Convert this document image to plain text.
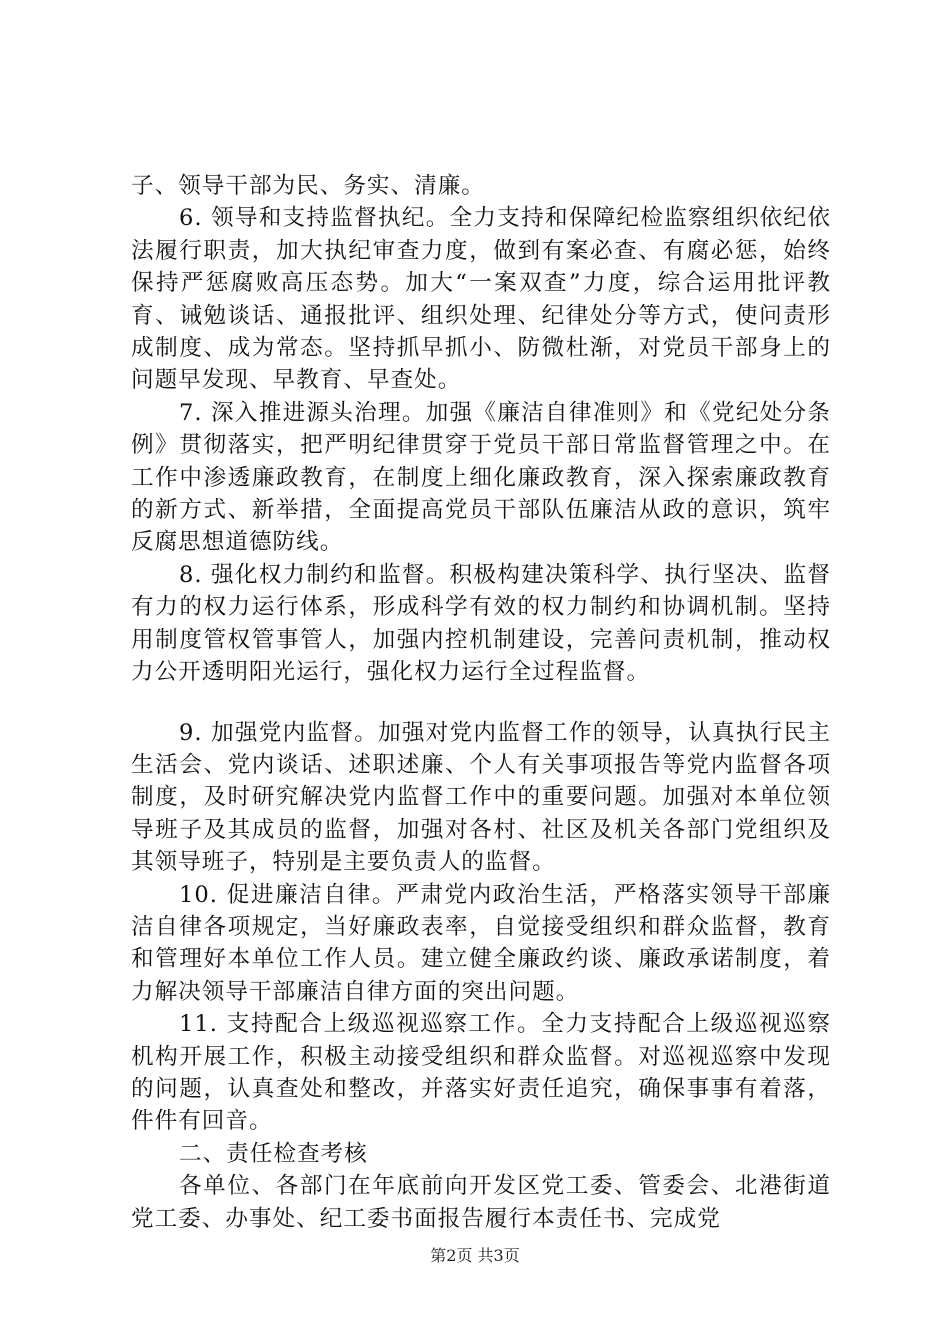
子、领导干部为民、务实、清廉。

6. 领导和支持监督执纪。全力支持和保障纪检监察组织依纪依法履行职责，加大执纪审查力度，做到有案必查、有腐必惩，始终保持严惩腐败高压态势。加大“一案双查”力度，综合运用批评教育、诫勉谈话、通报批评、组织处理、纪律处分等方式，使问责形成制度、成为常态。坚持抓早抓小、防微杜渐，对党员干部身上的问题早发现、早教育、早查处。

7. 深入推进源头治理。加强《廉洁自律准则》和《党纪处分条例》贯彻落实，把严明纪律贯穿于党员干部日常监督管理之中。在工作中渗透廉政教育，在制度上细化廉政教育，深入探索廉政教育的新方式、新举措，全面提高党员干部队伍廉洁从政的意识，筑牢反腐思想道德防线。

8. 强化权力制约和监督。积极构建决策科学、执行坚决、监督有力的权力运行体系，形成科学有效的权力制约和协调机制。坚持用制度管权管事管人，加强内控机制建设，完善问责机制，推动权力公开透明阳光运行，强化权力运行全过程监督。

9. 加强党内监督。加强对党内监督工作的领导，认真执行民主生活会、党内谈话、述职述廉、个人有关事项报告等党内监督各项制度，及时研究解决党内监督工作中的重要问题。加强对本单位领导班子及其成员的监督，加强对各村、社区及机关各部门党组织及其领导班子，特别是主要负责人的监督。

10. 促进廉洁自律。严肃党内政治生活，严格落实领导干部廉洁自律各项规定，当好廉政表率，自觉接受组织和群众监督，教育和管理好本单位工作人员。建立健全廉政约谈、廉政承诺制度，着力解决领导干部廉洁自律方面的突出问题。

11. 支持配合上级巡视巡察工作。全力支持配合上级巡视巡察机构开展工作，积极主动接受组织和群众监督。对巡视巡察中发现的问题，认真查处和整改，并落实好责任追究，确保事事有着落，件件有回音。

二、责任检查考核

各单位、各部门在年底前向开发区党工委、管委会、北港街道党工委、办事处、纪工委书面报告履行本责任书、完成党

第2页 共3页
